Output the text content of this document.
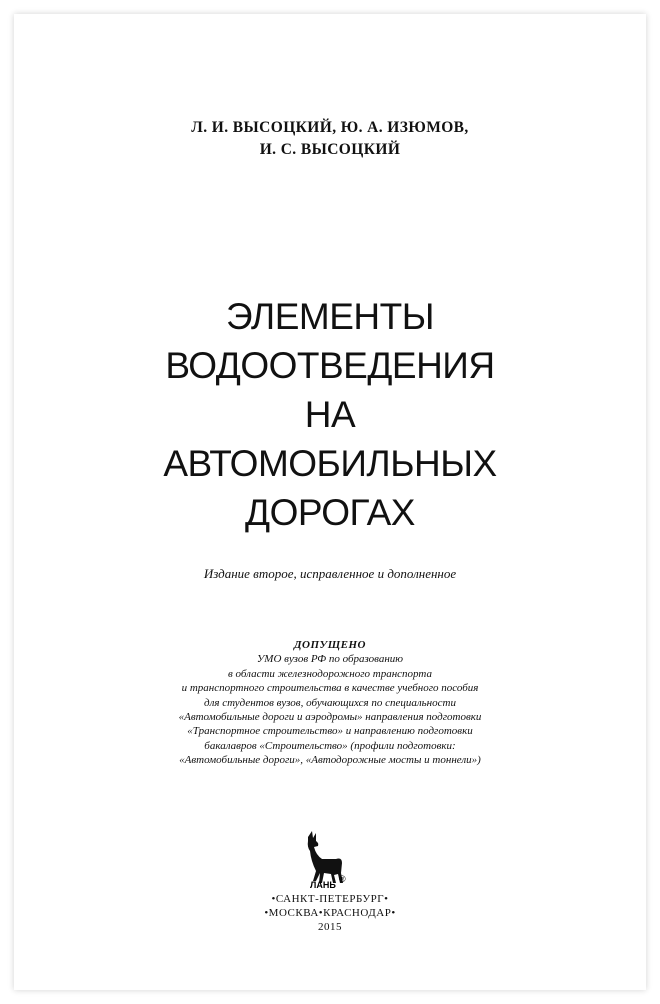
Л. И. ВЫСОЦКИЙ, Ю. А. ИЗЮМОВ,
И. С. ВЫСОЦКИЙ
ЭЛЕМЕНТЫ
ВОДООТВЕДЕНИЯ
НА
АВТОМОБИЛЬНЫХ
ДОРОГАХ
Издание второе, исправленное и дополненное
ДОПУЩЕНО
УМО вузов РФ по образованию
в области железнодорожного транспорта
и транспортного строительства в качестве учебного пособия
для студентов вузов, обучающихся по специальности
«Автомобильные дороги и аэродромы» направления подготовки
«Транспортное строительство» и направлению подготовки
бакалавров «Строительство» (профили подготовки:
«Автомобильные дороги», «Автодорожные мосты и тоннели»)
ЛАНЬ
®
•САНКТ-ПЕТЕРБУРГ•
•МОСКВА•КРАСНОДАР•
2015
